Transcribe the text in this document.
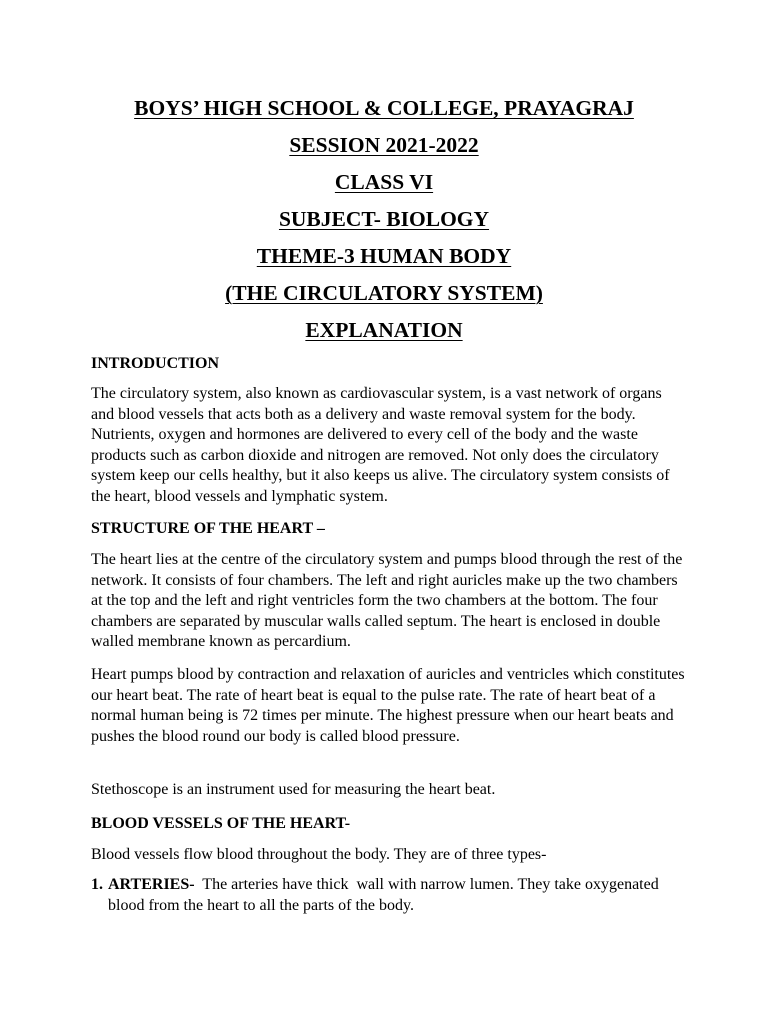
BOYS’ HIGH SCHOOL & COLLEGE, PRAYAGRAJ
SESSION 2021-2022
CLASS VI
SUBJECT- BIOLOGY
THEME-3 HUMAN BODY
(THE CIRCULATORY SYSTEM)
EXPLANATION
INTRODUCTION
The circulatory system, also known as cardiovascular system, is a vast network of organs and blood vessels that acts both as a delivery and waste removal system for the body. Nutrients, oxygen and hormones are delivered to every cell of the body and the waste products such as carbon dioxide and nitrogen are removed. Not only does the circulatory system keep our cells healthy, but it also keeps us alive. The circulatory system consists of the heart, blood vessels and lymphatic system.
STRUCTURE OF THE HEART –
The heart lies at the centre of the circulatory system and pumps blood through the rest of the network. It consists of four chambers. The left and right auricles make up the two chambers at the top and the left and right ventricles form the two chambers at the bottom. The four chambers are separated by muscular walls called septum. The heart is enclosed in double walled membrane known as percardium.
Heart pumps blood by contraction and relaxation of auricles and ventricles which constitutes our heart beat. The rate of heart beat is equal to the pulse rate. The rate of heart beat of a normal human being is 72 times per minute. The highest pressure when our heart beats and pushes the blood round our body is called blood pressure.
Stethoscope is an instrument used for measuring the heart beat.
BLOOD VESSELS OF THE HEART-
Blood vessels flow blood throughout the body. They are of three types-
1. ARTERIES-  The arteries have thick  wall with narrow lumen. They take oxygenated blood from the heart to all the parts of the body.
